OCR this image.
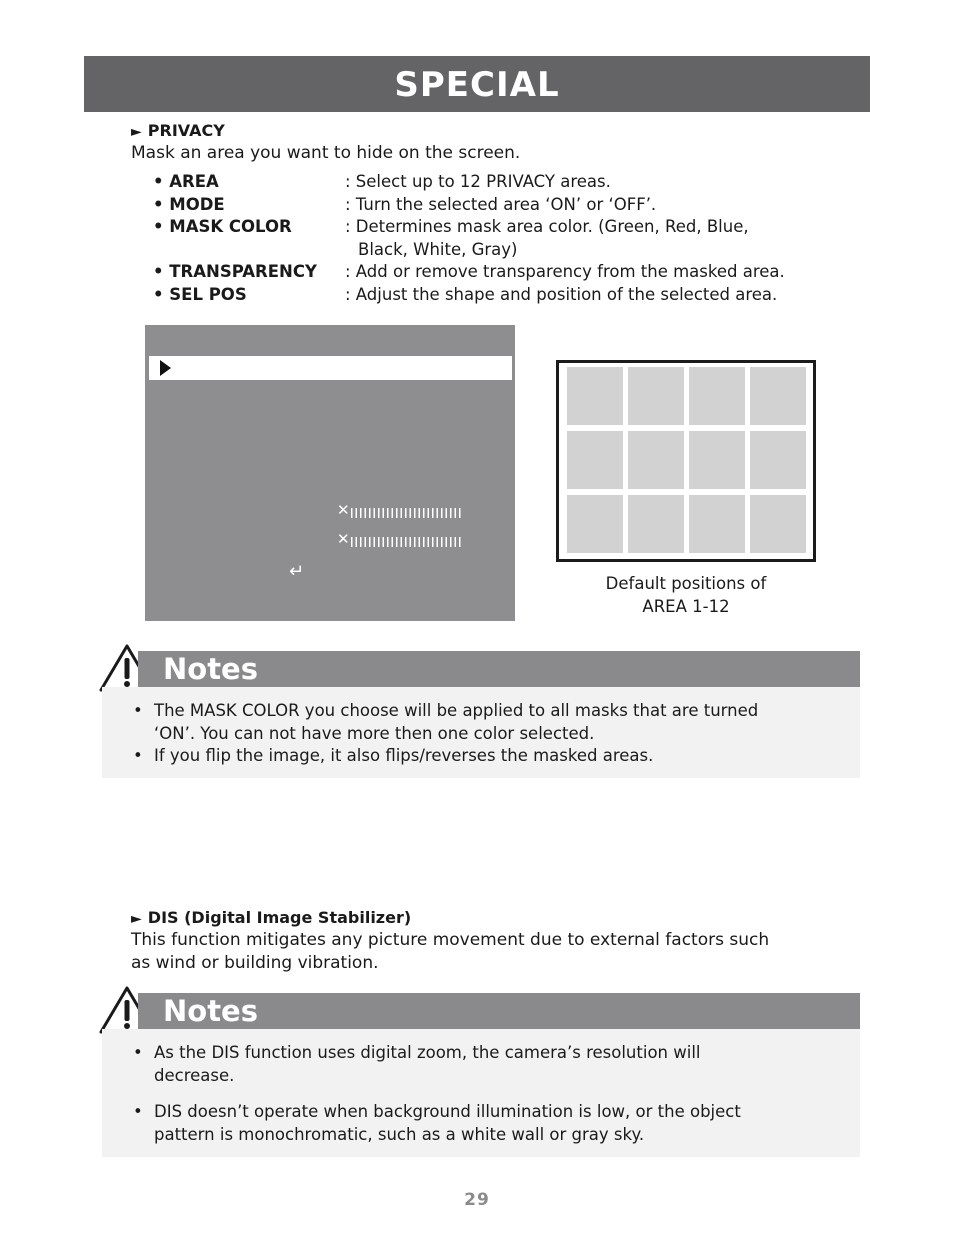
SPECIAL
► PRIVACY
Mask an area you want to hide on the screen.
• AREA	: Select up to 12 PRIVACY areas.
• MODE	: Turn the selected area ‘ON’ or ‘OFF’.
• MASK COLOR	: Determines mask area color. (Green, Red, Blue,
Black, White, Gray)
• TRANSPARENCY : Add or remove transparency from the masked area.
• SEL POS	: Adjust the shape and position of the selected area.
✕
✕
↵
Default positions of
AREA 1-12
Notes
• The MASK COLOR you choose will be applied to all masks that are turned
‘ON’. You can not have more then one color selected.
• If you flip the image, it also flips/reverses the masked areas.
► DIS (Digital Image Stabilizer)
This function mitigates any picture movement due to external factors such
as wind or building vibration.
Notes
• As the DIS function uses digital zoom, the camera’s resolution will
decrease.
• DIS doesn’t operate when background illumination is low, or the object
pattern is monochromatic, such as a white wall or gray sky.
29
